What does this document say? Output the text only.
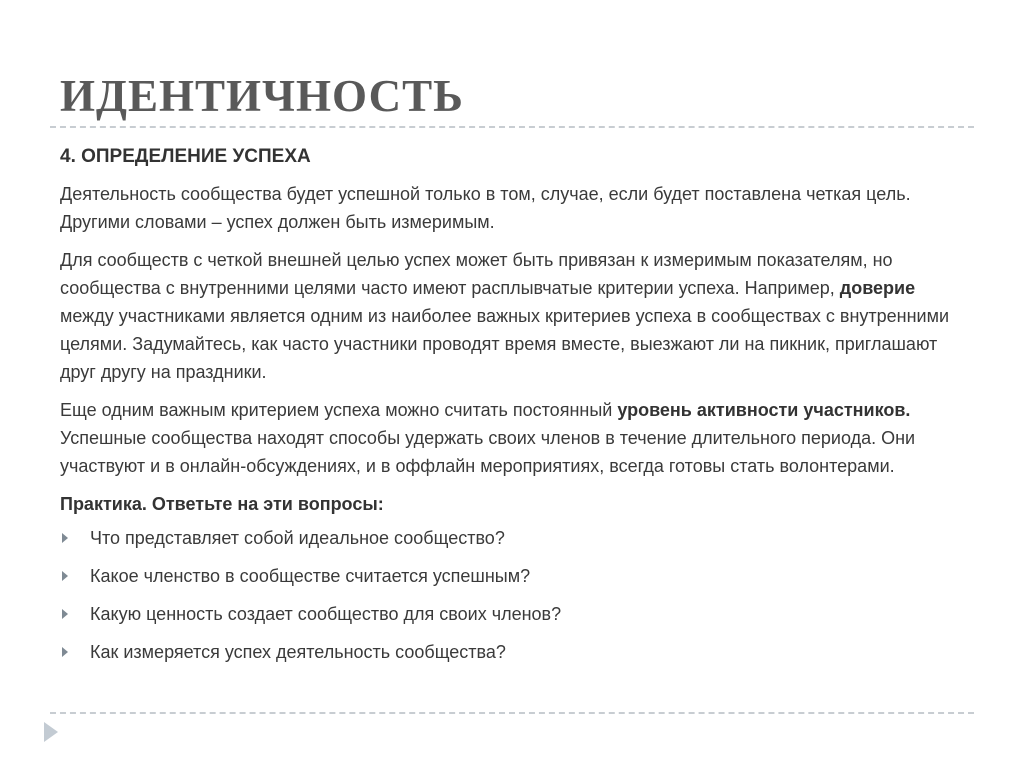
ИДЕНТИЧНОСТЬ
4. ОПРЕДЕЛЕНИЕ УСПЕХА

Деятельность сообщества будет успешной только в том, случае, если будет поставлена четкая цель. Другими словами – успех должен быть измеримым.

Для сообществ с четкой внешней целью успех может быть привязан к измеримым показателям, но сообщества с внутренними целями часто имеют расплывчатые критерии успеха. Например, доверие между участниками является одним из наиболее важных критериев успеха в сообществах с внутренними целями. Задумайтесь, как часто участники проводят время вместе, выезжают ли на пикник, приглашают друг другу на праздники.

Еще одним важным критерием успеха можно считать постоянный уровень активности участников. Успешные сообщества находят способы удержать своих членов в течение длительного периода. Они участвуют и в онлайн-обсуждениях, и в оффлайн мероприятиях, всегда готовы стать волонтерами.

Практика. Ответьте на эти вопросы:
Что представляет собой идеальное сообщество?
Какое членство в сообществе считается успешным?
Какую ценность создает сообщество для своих членов?
Как измеряется успех деятельность сообщества?
